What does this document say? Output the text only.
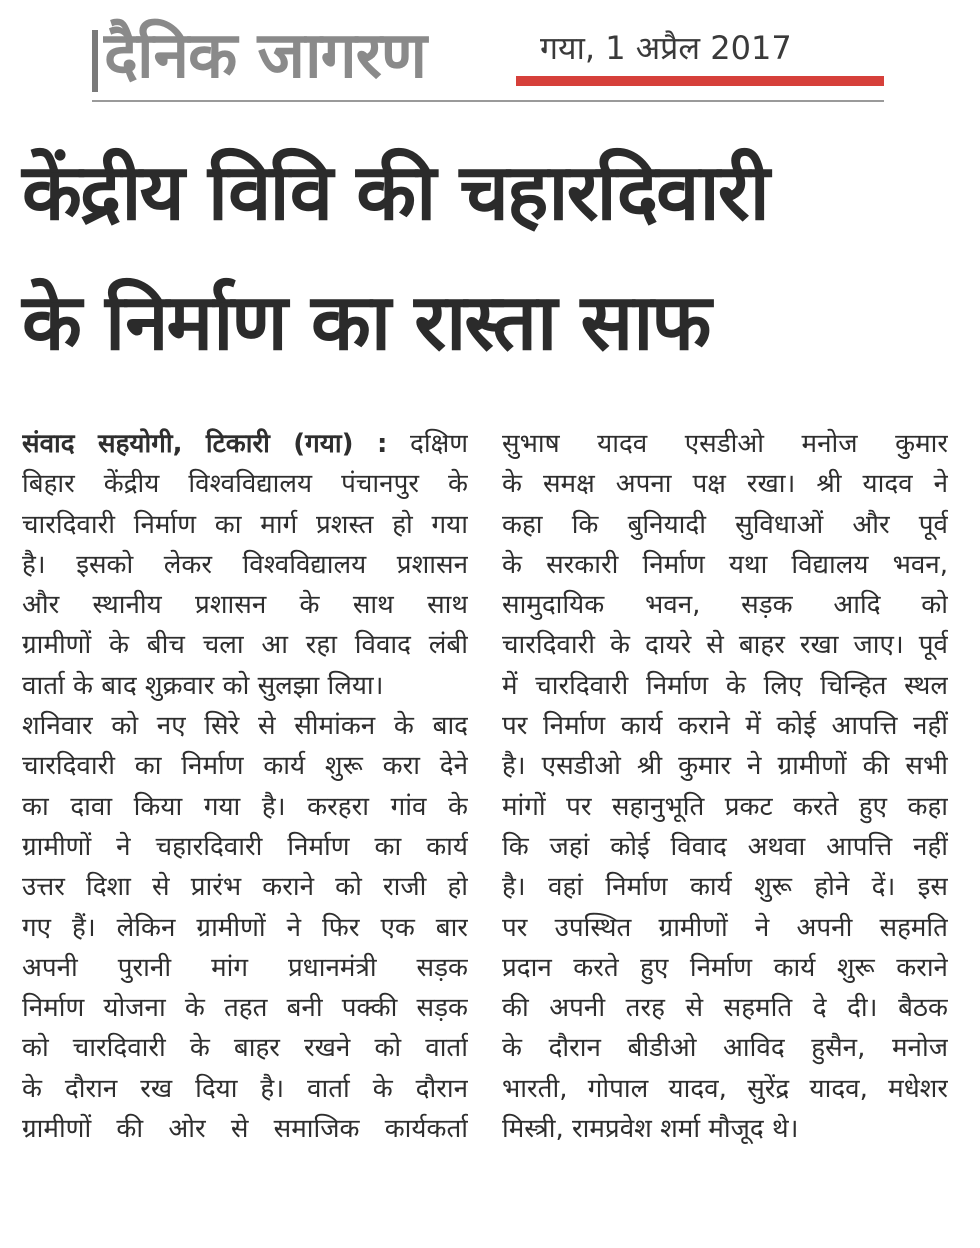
दैनिक जागरण	गया, 1 अप्रैल 2017
केंद्रीय विवि की चहारदिवारी
के निर्माण का रास्ता साफ
संवाद सहयोगी, टिकारी (गया) : दक्षिण
बिहार केंद्रीय विश्वविद्यालय पंचानपुर के
चारदिवारी निर्माण का मार्ग प्रशस्त हो गया
है। इसको लेकर विश्वविद्यालय प्रशासन
और स्थानीय प्रशासन के साथ साथ
ग्रामीणों के बीच चला आ रहा विवाद लंबी
वार्ता के बाद शुक्रवार को सुलझा लिया।
शनिवार को नए सिरे से सीमांकन के बाद
चारदिवारी का निर्माण कार्य शुरू करा देने
का दावा किया गया है। करहरा गांव के
ग्रामीणों ने चहारदिवारी निर्माण का कार्य
उत्तर दिशा से प्रारंभ कराने को राजी हो
गए हैं। लेकिन ग्रामीणों ने फिर एक बार
अपनी पुरानी मांग प्रधानमंत्री सड़क
निर्माण योजना के तहत बनी पक्की सड़क
को चारदिवारी के बाहर रखने को वार्ता
के दौरान रख दिया है। वार्ता के दौरान
ग्रामीणों की ओर से समाजिक कार्यकर्ता
सुभाष यादव एसडीओ मनोज कुमार
के समक्ष अपना पक्ष रखा। श्री यादव ने
कहा कि बुनियादी सुविधाओं और पूर्व
के सरकारी निर्माण यथा विद्यालय भवन,
सामुदायिक भवन, सड़क आदि को
चारदिवारी के दायरे से बाहर रखा जाए। पूर्व
में चारदिवारी निर्माण के लिए चिन्हित स्थल
पर निर्माण कार्य कराने में कोई आपत्ति नहीं
है। एसडीओ श्री कुमार ने ग्रामीणों की सभी
मांगों पर सहानुभूति प्रकट करते हुए कहा
कि जहां कोई विवाद अथवा आपत्ति नहीं
है। वहां निर्माण कार्य शुरू होने दें। इस
पर उपस्थित ग्रामीणों ने अपनी सहमति
प्रदान करते हुए निर्माण कार्य शुरू कराने
की अपनी तरह से सहमति दे दी। बैठक
के दौरान बीडीओ आविद हुसैन, मनोज
भारती, गोपाल यादव, सुरेंद्र यादव, मधेशर
मिस्त्री, रामप्रवेश शर्मा मौजूद थे।
